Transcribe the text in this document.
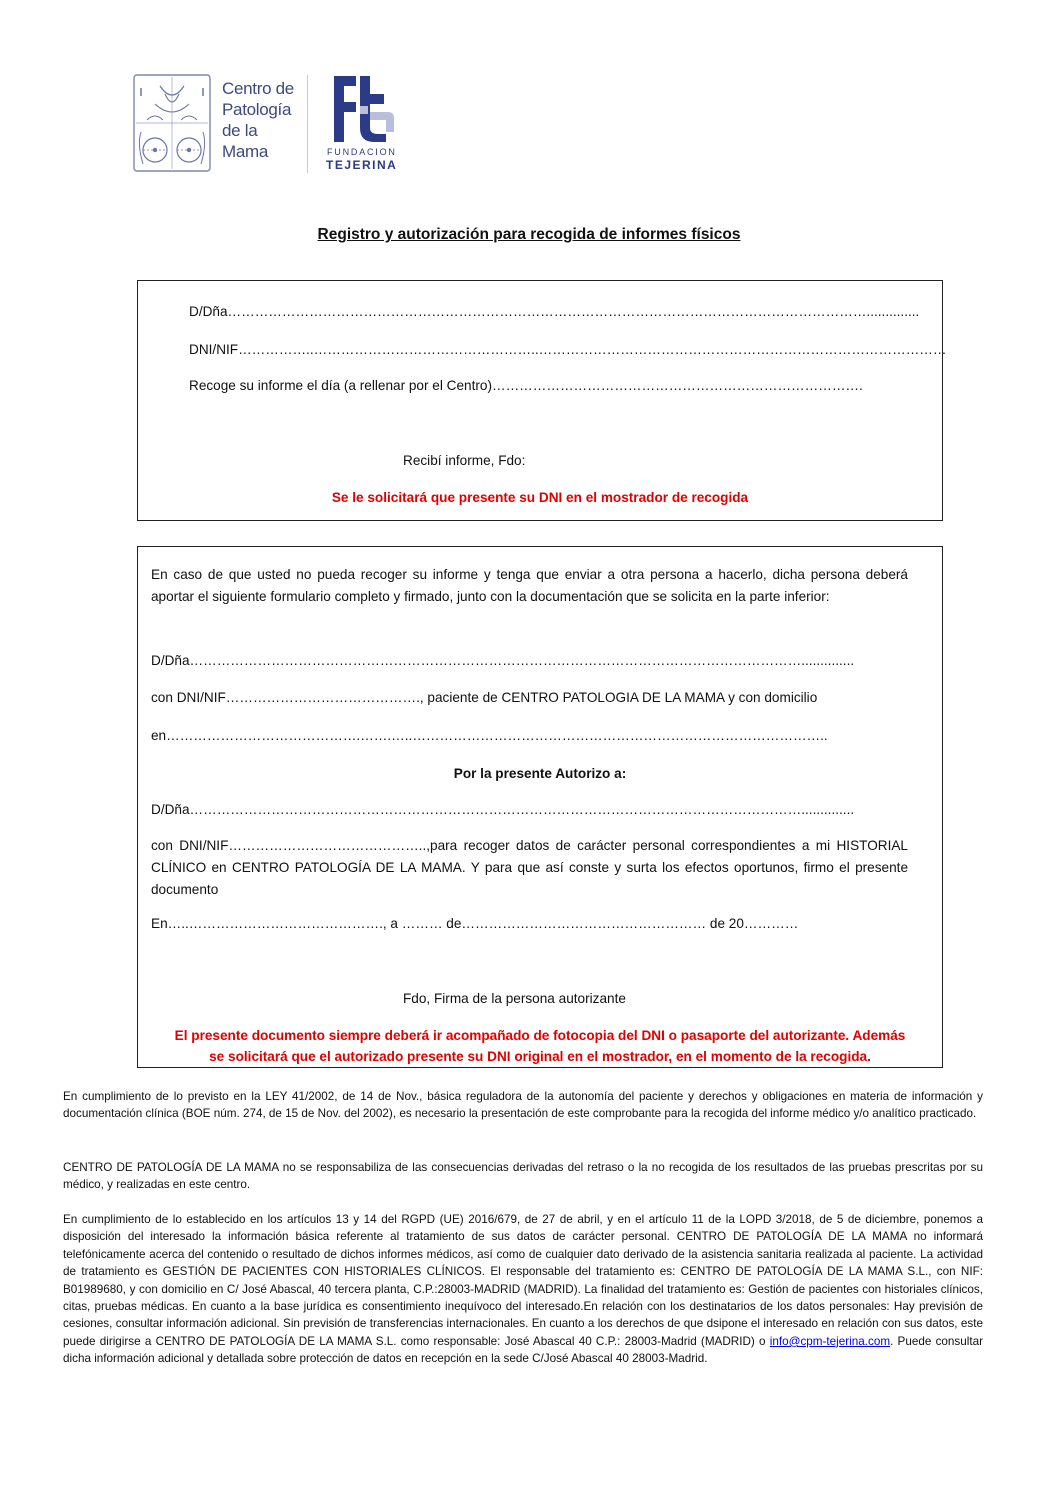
Centro de
Patología
de la
Mama	FUNDACION
TEJERINA
Registro y autorización para recogida de informes físicos
D/Dña……………………………………………………………………………………………………………………………..............
DNI/NIF……………..…………………………………………..………………………………………………………………………………
Recoge su informe el día (a rellenar por el Centro)……………………………………………………………………….
Recibí informe, Fdo:
Se le solicitará que presente su DNI en el mostrador de recogida
En caso de que usted no pueda recoger su informe y tenga que enviar a otra persona a hacerlo, dicha persona deberá aportar el siguiente formulario completo y firmado, junto con la documentación que se solicita en la parte inferior:
D/Dña………………………………………………………………………………………………………………………..............
con DNI/NIF……………………………………., paciente de CENTRO PATOLOGIA DE LA MAMA y con domicilio
en…………………………………….…….…..………………………………………………………………………………..
Por la presente Autorizo a:
D/Dña………………………………………………………………………………………………………………………..............
con DNI/NIF……………………………………..,para recoger datos de carácter personal correspondientes a mi HISTORIAL CLÍNICO en CENTRO PATOLOGÍA DE LA MAMA. Y para que así conste y surta los efectos oportunos, firmo el presente documento
En…..……………………………………., a ……… de……………………………………………… de 20…………
Fdo, Firma de la persona autorizante
El presente documento siempre deberá ir acompañado de fotocopia del DNI o pasaporte del autorizante. Además
se solicitará que el autorizado presente su DNI original en el mostrador, en el momento de la recogida.
En cumplimiento de lo previsto en la LEY 41/2002, de 14 de Nov., básica reguladora de la autonomía del paciente y derechos y obligaciones en materia de información y documentación clínica (BOE núm. 274, de 15 de Nov. del 2002), es necesario la presentación de este comprobante para la recogida del informe médico y/o analítico practicado.
CENTRO DE PATOLOGÍA DE LA MAMA no se responsabiliza de las consecuencias derivadas del retraso o la no recogida de los resultados de las pruebas prescritas por su médico, y realizadas en este centro.
En cumplimiento de lo establecido en los artículos 13 y 14 del RGPD (UE) 2016/679, de 27 de abril, y en el artículo 11 de la LOPD 3/2018, de 5 de diciembre, ponemos a disposición del interesado la información básica referente al tratamiento de sus datos de carácter personal. CENTRO DE PATOLOGÍA DE LA MAMA no informará telefónicamente acerca del contenido o resultado de dichos informes médicos, así como de cualquier dato derivado de la asistencia sanitaria realizada al paciente. La actividad de tratamiento es GESTIÓN DE PACIENTES CON HISTORIALES CLÍNICOS. El responsable del tratamiento es: CENTRO DE PATOLOGÍA DE LA MAMA S.L., con NIF: B01989680, y con domicilio en C/ José Abascal, 40 tercera planta, C.P.:28003-MADRID (MADRID). La finalidad del tratamiento es: Gestión de pacientes con historiales clínicos, citas, pruebas médicas. En cuanto a la base jurídica es consentimiento inequívoco del interesado.En relación con los destinatarios de los datos personales: Hay previsión de cesiones, consultar información adicional. Sin previsión de transferencias internacionales. En cuanto a los derechos de que dsipone el interesado en relación con sus datos, este puede dirigirse a CENTRO DE PATOLOGÍA DE LA MAMA S.L. como responsable: José Abascal 40 C.P.: 28003-Madrid (MADRID) o info@cpm-tejerina.com. Puede consultar dicha información adicional y detallada sobre protección de datos en recepción en la sede C/José Abascal 40 28003-Madrid.
